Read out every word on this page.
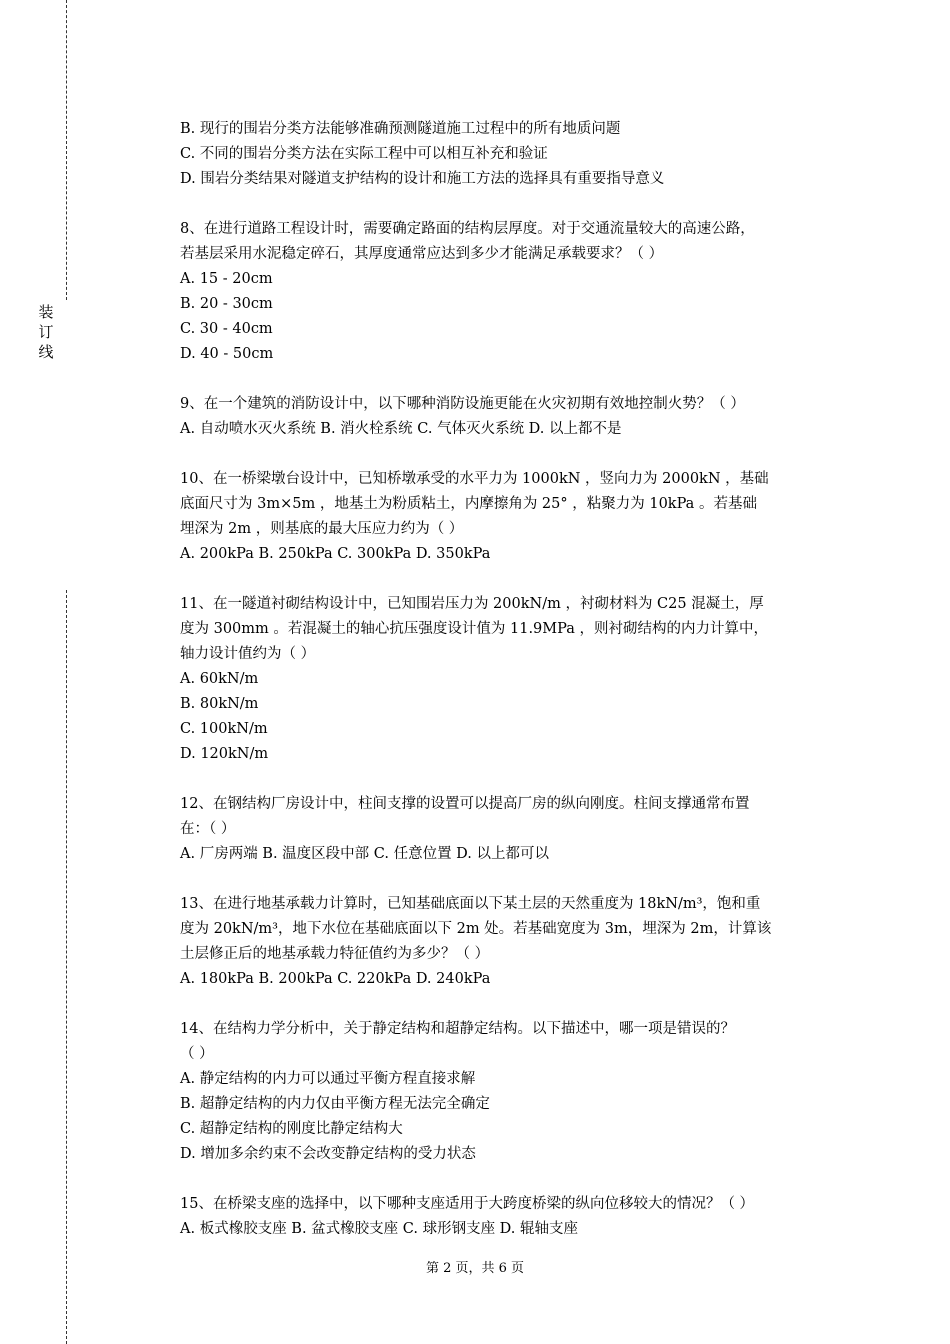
装
订
线
B. 现行的围岩分类方法能够准确预测隧道施工过程中的所有地质问题
C. 不同的围岩分类方法在实际工程中可以相互补充和验证
D. 围岩分类结果对隧道支护结构的设计和施工方法的选择具有重要指导意义
8、在进行道路工程设计时，需要确定路面的结构层厚度。对于交通流量较大的高速公路，
若基层采用水泥稳定碎石，其厚度通常应达到多少才能满足承载要求？（ ）
A. 15 - 20cm
B. 20 - 30cm
C. 30 - 40cm
D. 40 - 50cm
9、在一个建筑的消防设计中，以下哪种消防设施更能在火灾初期有效地控制火势？（ ）
A. 自动喷水灭火系统 B. 消火栓系统 C. 气体灭火系统 D. 以上都不是
10、在一桥梁墩台设计中，已知桥墩承受的水平力为 1000kN ，竖向力为 2000kN ，基础
底面尺寸为 3m×5m ，地基土为粉质粘土，内摩擦角为 25° ，粘聚力为 10kPa 。若基础
埋深为 2m ，则基底的最大压应力约为（ ）
A. 200kPa B. 250kPa C. 300kPa D. 350kPa
11、在一隧道衬砌结构设计中，已知围岩压力为 200kN/m ，衬砌材料为 C25 混凝土，厚
度为 300mm 。若混凝土的轴心抗压强度设计值为 11.9MPa ，则衬砌结构的内力计算中，
轴力设计值约为（ ）
A. 60kN/m
B. 80kN/m
C. 100kN/m
D. 120kN/m
12、在钢结构厂房设计中，柱间支撑的设置可以提高厂房的纵向刚度。柱间支撑通常布置
在：（ ）
A. 厂房两端 B. 温度区段中部 C. 任意位置 D. 以上都可以
13、在进行地基承载力计算时，已知基础底面以下某土层的天然重度为 18kN/m³，饱和重
度为 20kN/m³，地下水位在基础底面以下 2m 处。若基础宽度为 3m，埋深为 2m，计算该
土层修正后的地基承载力特征值约为多少？（ ）
A. 180kPa B. 200kPa C. 220kPa D. 240kPa
14、在结构力学分析中，关于静定结构和超静定结构。以下描述中，哪一项是错误的？
（ ）
A. 静定结构的内力可以通过平衡方程直接求解
B. 超静定结构的内力仅由平衡方程无法完全确定
C. 超静定结构的刚度比静定结构大
D. 增加多余约束不会改变静定结构的受力状态
15、在桥梁支座的选择中，以下哪种支座适用于大跨度桥梁的纵向位移较大的情况？（ ）
A. 板式橡胶支座 B. 盆式橡胶支座 C. 球形钢支座 D. 辊轴支座
第 2 页，共 6 页
